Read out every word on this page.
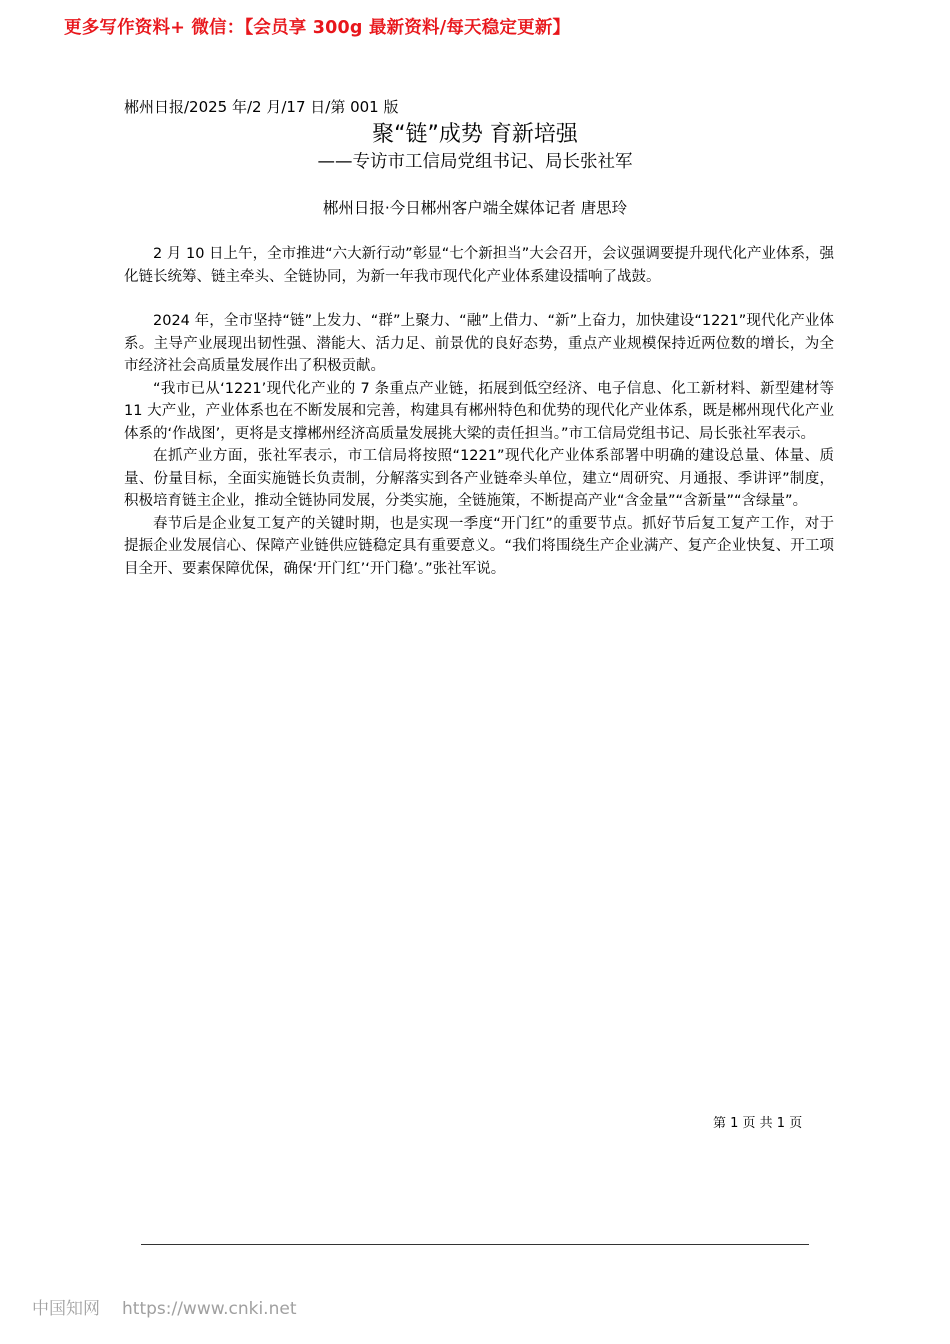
更多写作资料+ 微信：【会员享 300g 最新资料/每天稳定更新】
郴州日报/2025 年/2 月/17 日/第 001 版
聚“链”成势 育新培强
——专访市工信局党组书记、局长张社军
郴州日报·今日郴州客户端全媒体记者 唐思玲

2 月 10 日上午，全市推进“六大新行动”彰显“七个新担当”大会召开，会议强调要提升现代化产业体系，强化链长统筹、链主牵头、全链协同，为新一年我市现代化产业体系建设擂响了战鼓。

2024 年，全市坚持“链”上发力、“群”上聚力、“融”上借力、“新”上奋力，加快建设“1221”现代化产业体系。主导产业展现出韧性强、潜能大、活力足、前景优的良好态势，重点产业规模保持近两位数的增长，为全市经济社会高质量发展作出了积极贡献。

“我市已从‘1221’现代化产业的 7 条重点产业链，拓展到低空经济、电子信息、化工新材料、新型建材等 11 大产业，产业体系也在不断发展和完善，构建具有郴州特色和优势的现代化产业体系，既是郴州现代化产业体系的‘作战图’，更将是支撑郴州经济高质量发展挑大梁的责任担当。”市工信局党组书记、局长张社军表示。

在抓产业方面，张社军表示，市工信局将按照“1221”现代化产业体系部署中明确的建设总量、体量、质量、份量目标，全面实施链长负责制，分解落实到各产业链牵头单位，建立“周研究、月通报、季讲评”制度，积极培育链主企业，推动全链协同发展，分类实施，全链施策，不断提高产业“含金量”“含新量”“含绿量”。

春节后是企业复工复产的关键时期，也是实现一季度“开门红”的重要节点。抓好节后复工复产工作，对于提振企业发展信心、保障产业链供应链稳定具有重要意义。“我们将围绕生产企业满产、复产企业快复、开工项目全开、要素保障优保，确保‘开门红’‘开门稳’。”张社军说。

第 1 页 共 1 页
中国知网 https://www.cnki.net
